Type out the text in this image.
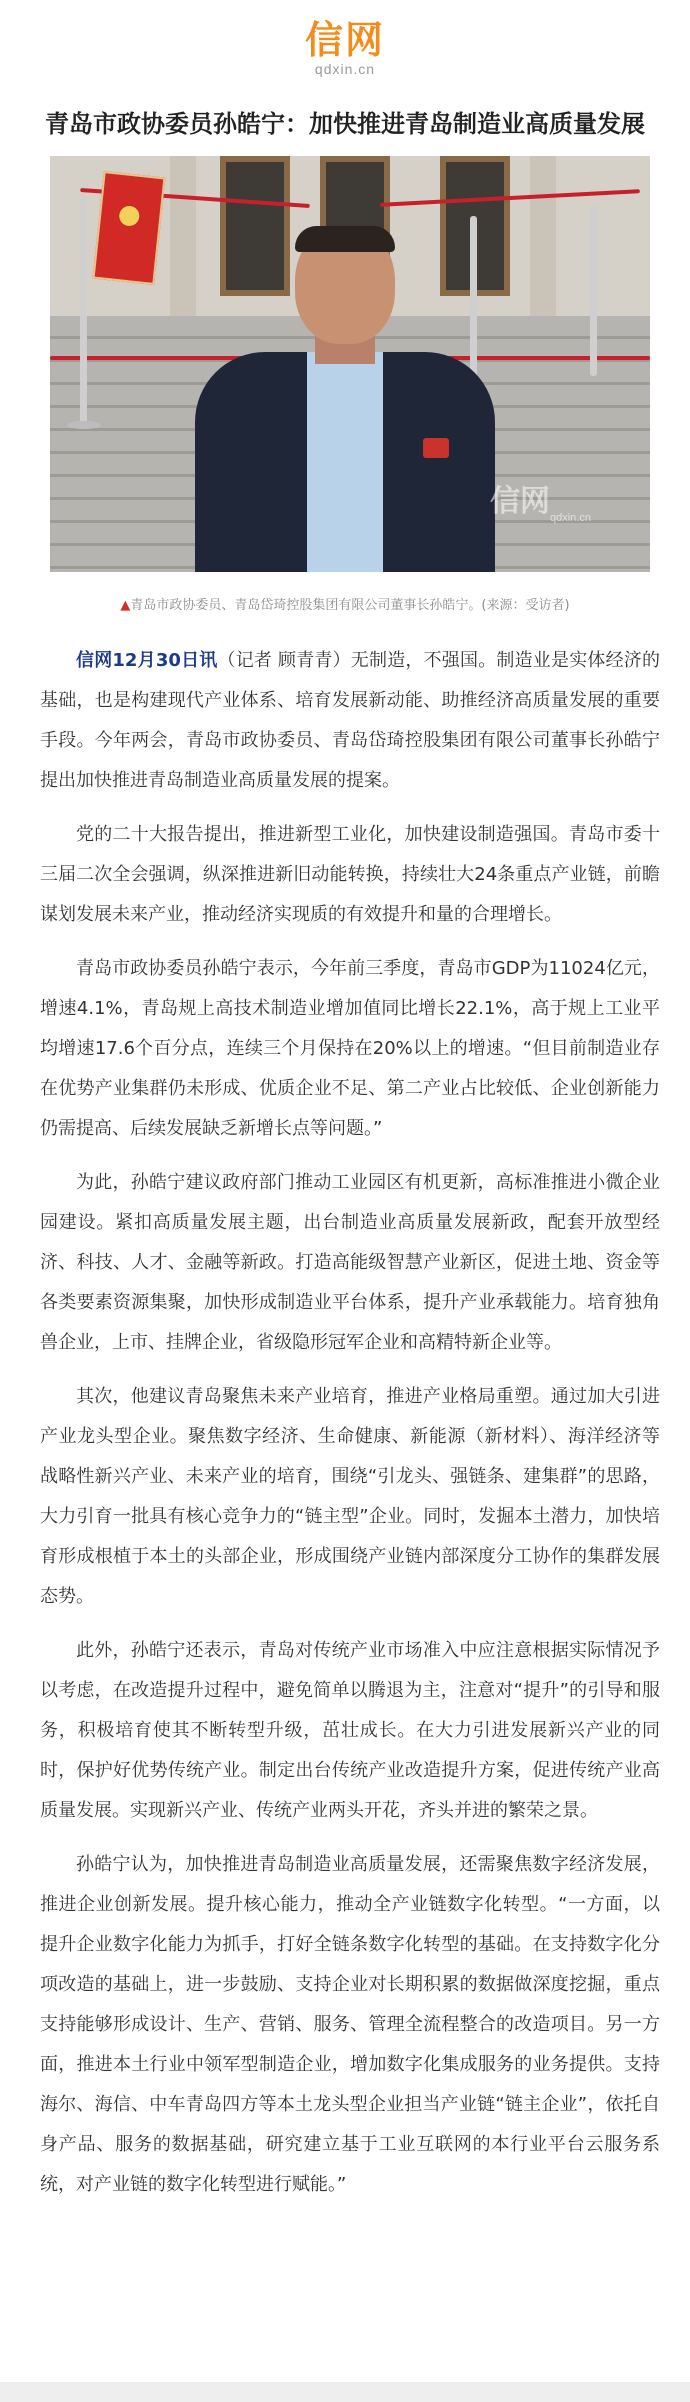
信网
qdxin.cn
青岛市政协委员孙皓宁：加快推进青岛制造业高质量发展
信网 qdxin.cn
▲青岛市政协委员、青岛岱琦控股集团有限公司董事长孙皓宁。(来源：受访者)

信网12月30日讯（记者 顾青青）无制造，不强国。制造业是实体经济的基础，也是构建现代产业体系、培育发展新动能、助推经济高质量发展的重要手段。今年两会，青岛市政协委员、青岛岱琦控股集团有限公司董事长孙皓宁提出加快推进青岛制造业高质量发展的提案。

党的二十大报告提出，推进新型工业化，加快建设制造强国。青岛市委十三届二次全会强调，纵深推进新旧动能转换，持续壮大24条重点产业链，前瞻谋划发展未来产业，推动经济实现质的有效提升和量的合理增长。

青岛市政协委员孙皓宁表示，今年前三季度，青岛市GDP为11024亿元，增速4.1%，青岛规上高技术制造业增加值同比增长22.1%，高于规上工业平均增速17.6个百分点，连续三个月保持在20%以上的增速。“但目前制造业存在优势产业集群仍未形成、优质企业不足、第二产业占比较低、企业创新能力仍需提高、后续发展缺乏新增长点等问题。”

为此，孙皓宁建议政府部门推动工业园区有机更新，高标准推进小微企业园建设。紧扣高质量发展主题，出台制造业高质量发展新政，配套开放型经济、科技、人才、金融等新政。打造高能级智慧产业新区，促进土地、资金等各类要素资源集聚，加快形成制造业平台体系，提升产业承载能力。培育独角兽企业，上市、挂牌企业，省级隐形冠军企业和高精特新企业等。

其次，他建议青岛聚焦未来产业培育，推进产业格局重塑。通过加大引进产业龙头型企业。聚焦数字经济、生命健康、新能源（新材料）、海洋经济等战略性新兴产业、未来产业的培育，围绕“引龙头、强链条、建集群”的思路，大力引育一批具有核心竞争力的“链主型”企业。同时，发掘本土潜力，加快培育形成根植于本土的头部企业，形成围绕产业链内部深度分工协作的集群发展态势。

此外，孙皓宁还表示，青岛对传统产业市场准入中应注意根据实际情况予以考虑，在改造提升过程中，避免简单以腾退为主，注意对“提升”的引导和服务，积极培育使其不断转型升级，茁壮成长。在大力引进发展新兴产业的同时，保护好优势传统产业。制定出台传统产业改造提升方案，促进传统产业高质量发展。实现新兴产业、传统产业两头开花，齐头并进的繁荣之景。

孙皓宁认为，加快推进青岛制造业高质量发展，还需聚焦数字经济发展，推进企业创新发展。提升核心能力，推动全产业链数字化转型。“一方面，以提升企业数字化能力为抓手，打好全链条数字化转型的基础。在支持数字化分项改造的基础上，进一步鼓励、支持企业对长期积累的数据做深度挖掘，重点支持能够形成设计、生产、营销、服务、管理全流程整合的改造项目。另一方面，推进本土行业中领军型制造企业，增加数字化集成服务的业务提供。支持海尔、海信、中车青岛四方等本土龙头型企业担当产业链“链主企业”，依托自身产品、服务的数据基础，研究建立基于工业互联网的本行业平台云服务系统，对产业链的数字化转型进行赋能。”
